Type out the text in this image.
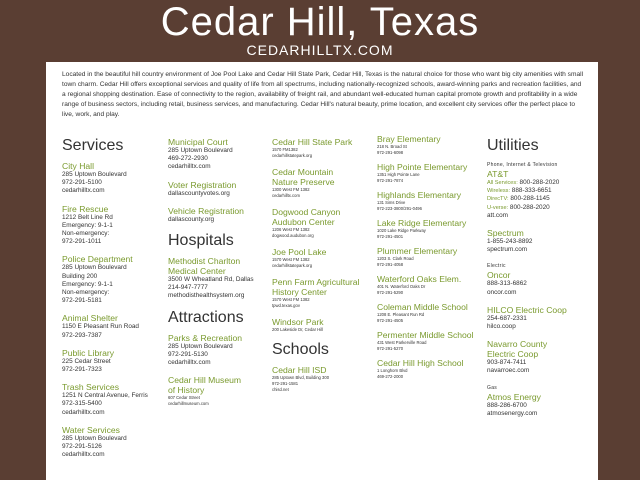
Cedar Hill, Texas
CEDARHILLTX.COM
Located in the beautiful hill country environment of Joe Pool Lake and Cedar Hill State Park, Cedar Hill, Texas is the natural choice for those who want big city amenities with small town charm. Cedar Hill offers exceptional services and quality of life from all spectrums, including nationally-recognized schools, award-winning parks and recreation facilities, and a regional shopping destination. Ease of connectivity to the region, availability of freight rail, and abundant well-educated human capital promote growth and profitability in a wide range of business sectors, including retail, business services, and manufacturing. Cedar Hill's natural beauty, prime location, and excellent city services offer the perfect place to live, work, and play.
Services
City Hall
285 Uptown Boulevard
972-291-5100
cedarhilltx.com
Fire Rescue
1212 Belt Line Rd
Emergency: 9-1-1
Non-emergency:
972-291-1011
Police Department
285 Uptown Boulevard
Building 200
Emergency: 9-1-1
Non-emergency:
972-291-5181
Animal Shelter
1150 E Pleasant Run Road
972-293-7387
Public Library
225 Cedar Street
972-291-7323
Trash Services
1251 N Central Avenue, Ferris
972-315-5400
cedarhilltx.com
Water Services
285 Uptown Boulevard
972-291-5126
cedarhilltx.com
Municipal Court
285 Uptown Boulevard
469-272-2930
cedarhilltx.com
Voter Registration
dallascountyvotes.org
Vehicle Registration
dallascounty.org
Hospitals
Methodist Charlton
Medical Center
3500 W Wheatland Rd, Dallas
214-947-7777
methodisthealthsystem.org
Attractions
Parks & Recreation
285 Uptown Boulevard
972-291-5130
cedarhilltx.com
Cedar Hill Museum
of History
607 Cedar Street
cedarhillmuseum.com
Cedar Hill State Park
1570 FM1382
cedarhillstatepark.org
Cedar Mountain
Nature Preserve
1300 West FM 1382
cedarhilltx.com
Dogwood Canyon
Audubon Center
1206 West FM 1382
dogwood.audubon.org
Joe Pool Lake
1570 West FM 1382
cedarhillstatepark.org
Penn Farm Agricultural
History Center
1570 West FM 1382
tpwd.texas.gov
Windsor Park
200 Lakeside Dr, Cedar Hill
Schools
Cedar Hill ISD
285 Uptown Blvd, Building 300
972-291-1581
chisd.net
Bray Elementary
218 N. Broad St
972-291-6098
High Pointe Elementary
1351 High Pointe Lane
972-291-7874
Highlands Elementary
131 Sims Drive
972-223-3800/291-0496
Lake Ridge Elementary
1020 Lake Ridge Parkway
972-291-4501
Plummer Elementary
1203 S. Clark Road
972-291-4058
Waterford Oaks Elem.
401 N. Waterford Oaks Dr
972-291-5290
Coleman Middle School
1208 E. Pleasant Run Rd
972-291-4505
Permenter Middle School
431 West Parkerville Road
972-291-5270
Cedar Hill High School
1 Longhorn Blvd
469-272-2000
Utilities
Phone, Internet & Television
AT&T
All Services: 800-288-2020
Wireless: 888-333-6651
DirecTV: 800-288-1145
U-verse: 800-288-2020
att.com
Spectrum
1-855-243-8892
spectrum.com
Electric
Oncor
888-313-6862
oncor.com
HILCO Electric Coop
254-687-2331
hilco.coop
Navarro County
Electric Coop
903-874-7411
navarroec.com
Gas
Atmos Energy
888-286-6700
atmosenergy.com
